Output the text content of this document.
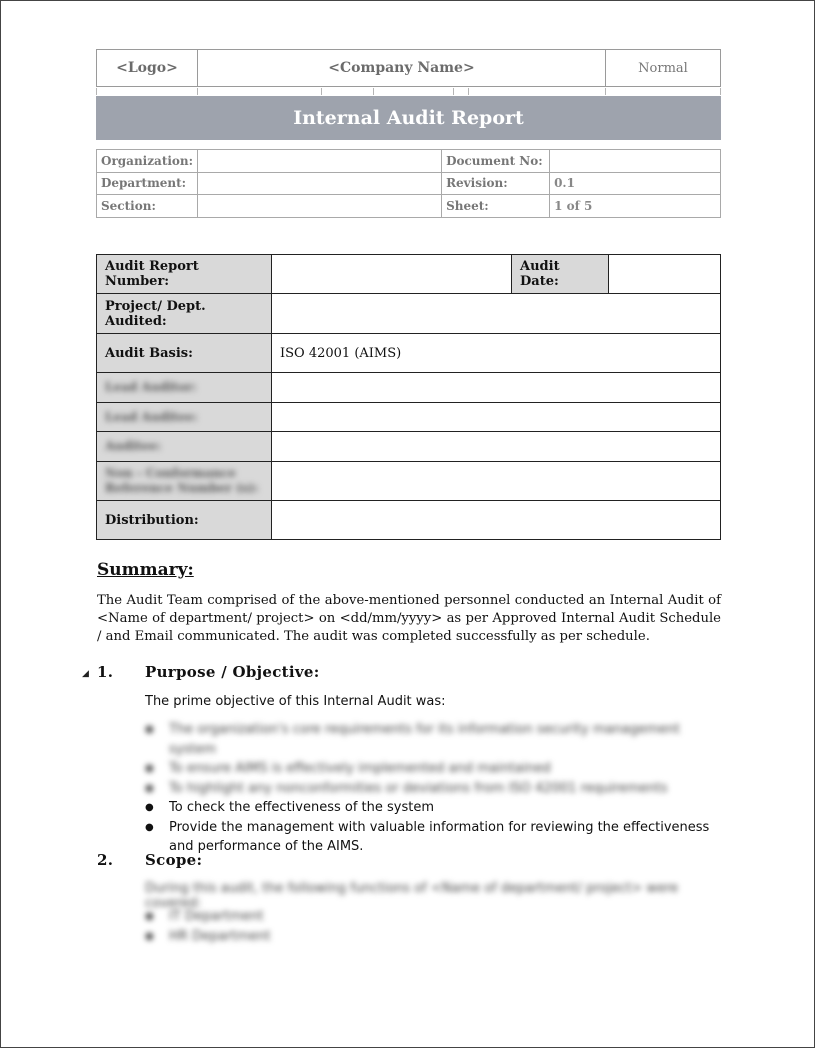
<Logo>	<Company Name>	Normal
Internal Audit Report
Organization:		Document No:	
Department:		Revision:	0.1
Section:		Sheet:	1 of 5
Audit Report Number:		Audit Date:	
Project/ Dept. Audited:			
Audit Basis:	ISO 42001 (AIMS)		
Lead Auditor:			
Lead Auditee:			
Auditee:			
Non - Conformance Reference Number (s):			
Distribution:			
Summary:
The Audit Team comprised of the above-mentioned personnel conducted an Internal Audit of <Name of department/ project> on <dd/mm/yyyy> as per Approved Internal Audit Schedule / and Email communicated. The audit was completed successfully as per schedule.
◢ 1. Purpose / Objective:
The prime objective of this Internal Audit was:
● The organization's core requirements for its information security management system
● To ensure AIMS is effectively implemented and maintained
● To highlight any nonconformities or deviations from ISO 42001 requirements
● To check the effectiveness of the system
● Provide the management with valuable information for reviewing the effectiveness and performance of the AIMS.
2. Scope:
During this audit, the following functions of <Name of department/ project> were covered:
● IT Department
● HR Department
